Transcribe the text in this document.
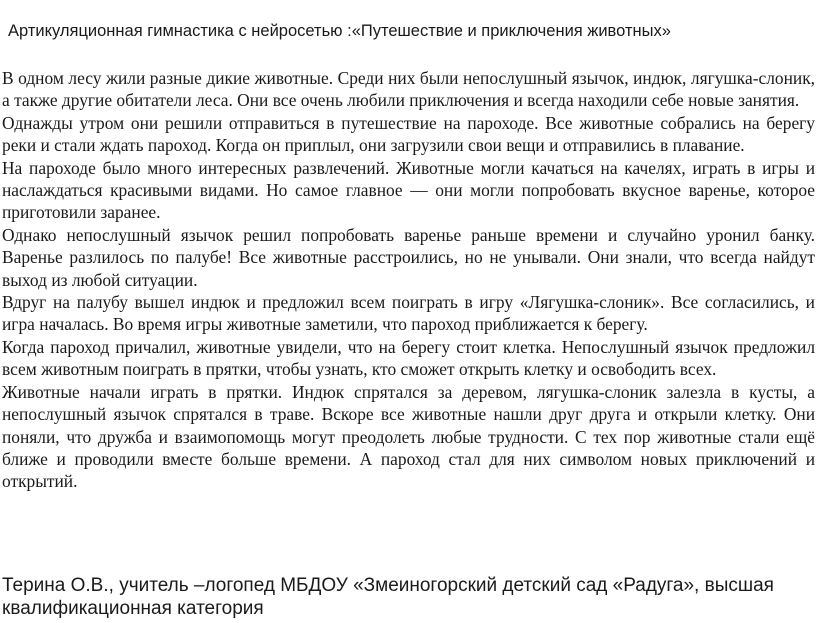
Артикуляционная гимнастика с нейросетью :«Путешествие и приключения животных»

В одном лесу жили разные дикие животные. Среди них были непослушный язычок, индюк, лягушка-слоник, а также другие обитатели леса. Они все очень любили приключения и всегда находили себе новые занятия.

Однажды утром они решили отправиться в путешествие на пароходе. Все животные собрались на берегу реки и стали ждать пароход. Когда он приплыл, они загрузили свои вещи и отправились в плавание.

На пароходе было много интересных развлечений. Животные могли качаться на качелях, играть в игры и наслаждаться красивыми видами. Но самое главное — они могли попробовать вкусное варенье, которое приготовили заранее.

Однако непослушный язычок решил попробовать варенье раньше времени и случайно уронил банку. Варенье разлилось по палубе! Все животные расстроились, но не унывали. Они знали, что всегда найдут выход из любой ситуации.

Вдруг на палубу вышел индюк и предложил всем поиграть в игру «Лягушка-слоник». Все согласились, и игра началась. Во время игры животные заметили, что пароход приближается к берегу.

Когда пароход причалил, животные увидели, что на берегу стоит клетка. Непослушный язычок предложил всем животным поиграть в прятки, чтобы узнать, кто сможет открыть клетку и освободить всех.

Животные начали играть в прятки. Индюк спрятался за деревом, лягушка-слоник залезла в кусты, а непослушный язычок спрятался в траве. Вскоре все животные нашли друг друга и открыли клетку. Они поняли, что дружба и взаимопомощь могут преодолеть любые трудности. С тех пор животные стали ещё ближе и проводили вместе больше времени. А пароход стал для них символом новых приключений и открытий.

Терина О.В., учитель –логопед МБДОУ «Змеиногорский детский сад «Радуга», высшая квалификационная категория
